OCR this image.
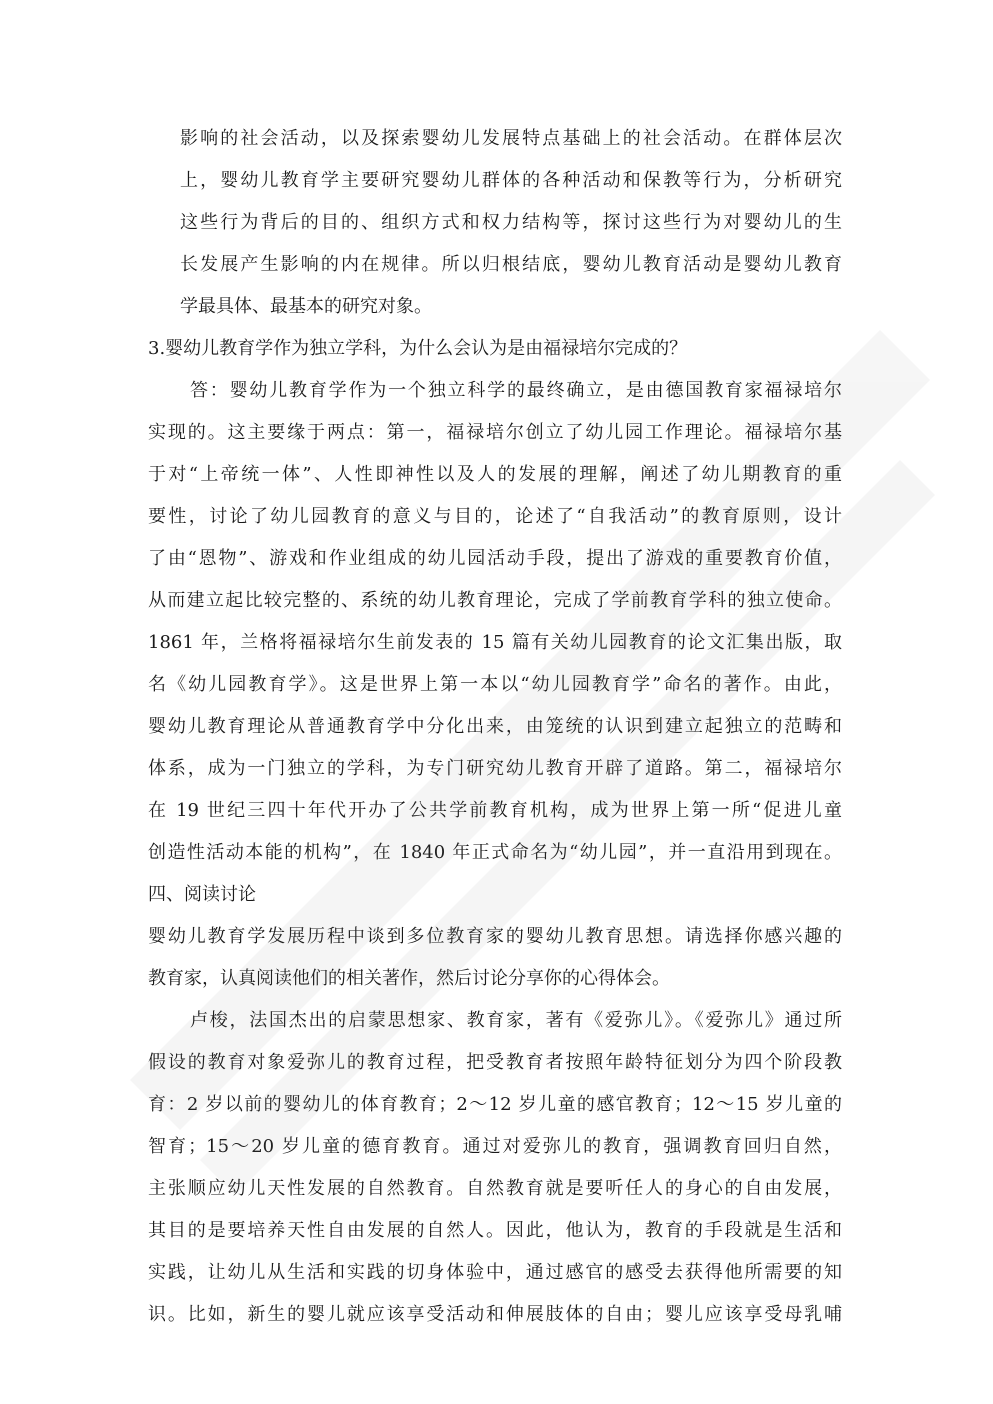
影响的社会活动，以及探索婴幼儿发展特点基础上的社会活动。在群体层次
上，婴幼儿教育学主要研究婴幼儿群体的各种活动和保教等行为，分析研究
这些行为背后的目的、组织方式和权力结构等，探讨这些行为对婴幼儿的生
长发展产生影响的内在规律。所以归根结底，婴幼儿教育活动是婴幼儿教育
学最具体、最基本的研究对象。
3.婴幼儿教育学作为独立学科，为什么会认为是由福禄培尔完成的？
答：婴幼儿教育学作为一个独立科学的最终确立，是由德国教育家福禄培尔
实现的。这主要缘于两点：第一，福禄培尔创立了幼儿园工作理论。福禄培尔基
于对“上帝统一体”、人性即神性以及人的发展的理解，阐述了幼儿期教育的重
要性，讨论了幼儿园教育的意义与目的，论述了“自我活动”的教育原则，设计
了由“恩物”、游戏和作业组成的幼儿园活动手段，提出了游戏的重要教育价值，
从而建立起比较完整的、系统的幼儿教育理论，完成了学前教育学科的独立使命。
1861 年，兰格将福禄培尔生前发表的 15 篇有关幼儿园教育的论文汇集出版，取
名《幼儿园教育学》。这是世界上第一本以“幼儿园教育学”命名的著作。由此，
婴幼儿教育理论从普通教育学中分化出来，由笼统的认识到建立起独立的范畴和
体系，成为一门独立的学科，为专门研究幼儿教育开辟了道路。第二，福禄培尔
在 19 世纪三四十年代开办了公共学前教育机构，成为世界上第一所“促进儿童
创造性活动本能的机构”，在 1840 年正式命名为“幼儿园”，并一直沿用到现在。
四、阅读讨论
婴幼儿教育学发展历程中谈到多位教育家的婴幼儿教育思想。请选择你感兴趣的
教育家，认真阅读他们的相关著作，然后讨论分享你的心得体会。
卢梭，法国杰出的启蒙思想家、教育家，著有《爱弥儿》。《爱弥儿》通过所
假设的教育对象爱弥儿的教育过程，把受教育者按照年龄特征划分为四个阶段教
育：2 岁以前的婴幼儿的体育教育；2～12 岁儿童的感官教育；12～15 岁儿童的
智育；15～20 岁儿童的德育教育。通过对爱弥儿的教育，强调教育回归自然，
主张顺应幼儿天性发展的自然教育。自然教育就是要听任人的身心的自由发展，
其目的是要培养天性自由发展的自然人。因此，他认为，教育的手段就是生活和
实践，让幼儿从生活和实践的切身体验中，通过感官的感受去获得他所需要的知
识。比如，新生的婴儿就应该享受活动和伸展肢体的自由；婴儿应该享受母乳哺
